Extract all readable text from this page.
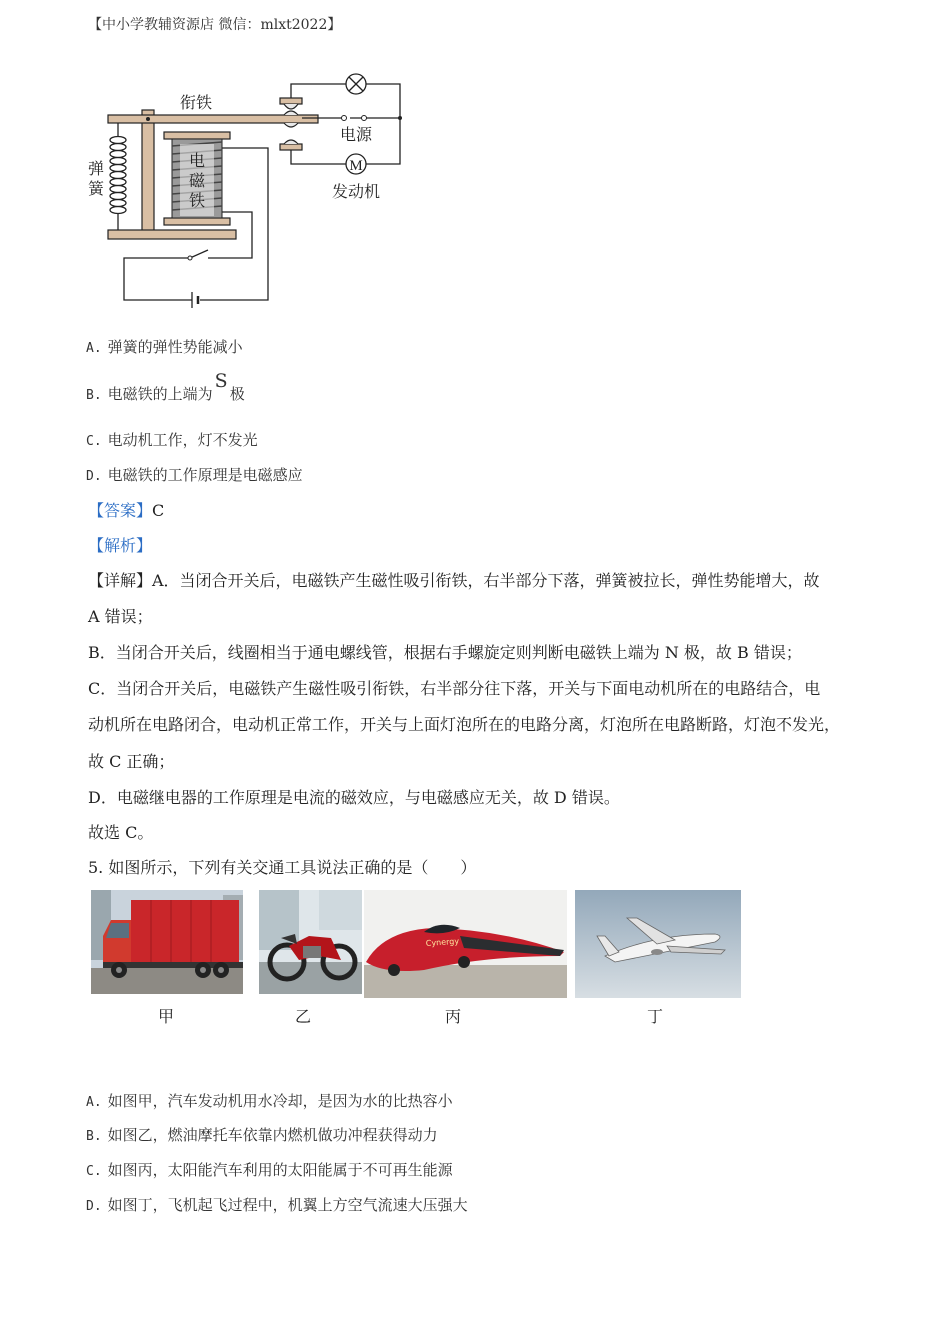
【中小学教辅资源店 微信：mlxt2022】
M
衔铁
弹
簧
电
磁
铁
电源
发动机
A. 弹簧的弹性势能减小
B. 电磁铁的上端为S极
C. 电动机工作，灯不发光
D. 电磁铁的工作原理是电磁感应
【答案】C
【解析】
【详解】A．当闭合开关后，电磁铁产生磁性吸引衔铁，右半部分下落，弹簧被拉长，弹性势能增大，故
A 错误；
B．当闭合开关后，线圈相当于通电螺线管，根据右手螺旋定则判断电磁铁上端为 N 极，故 B 错误；
C．当闭合开关后，电磁铁产生磁性吸引衔铁，右半部分往下落，开关与下面电动机所在的电路结合，电
动机所在电路闭合，电动机正常工作，开关与上面灯泡所在的电路分离，灯泡所在电路断路，灯泡不发光，
故 C 正确；
D．电磁继电器的工作原理是电流的磁效应，与电磁感应无关，故 D 错误。
故选 C。
5. 如图所示，下列有关交通工具说法正确的是（　　）
Cynergy
甲	乙	丙	丁
A. 如图甲，汽车发动机用水冷却，是因为水的比热容小
B. 如图乙，燃油摩托车依靠内燃机做功冲程获得动力
C. 如图丙，太阳能汽车利用的太阳能属于不可再生能源
D. 如图丁，飞机起飞过程中，机翼上方空气流速大压强大
